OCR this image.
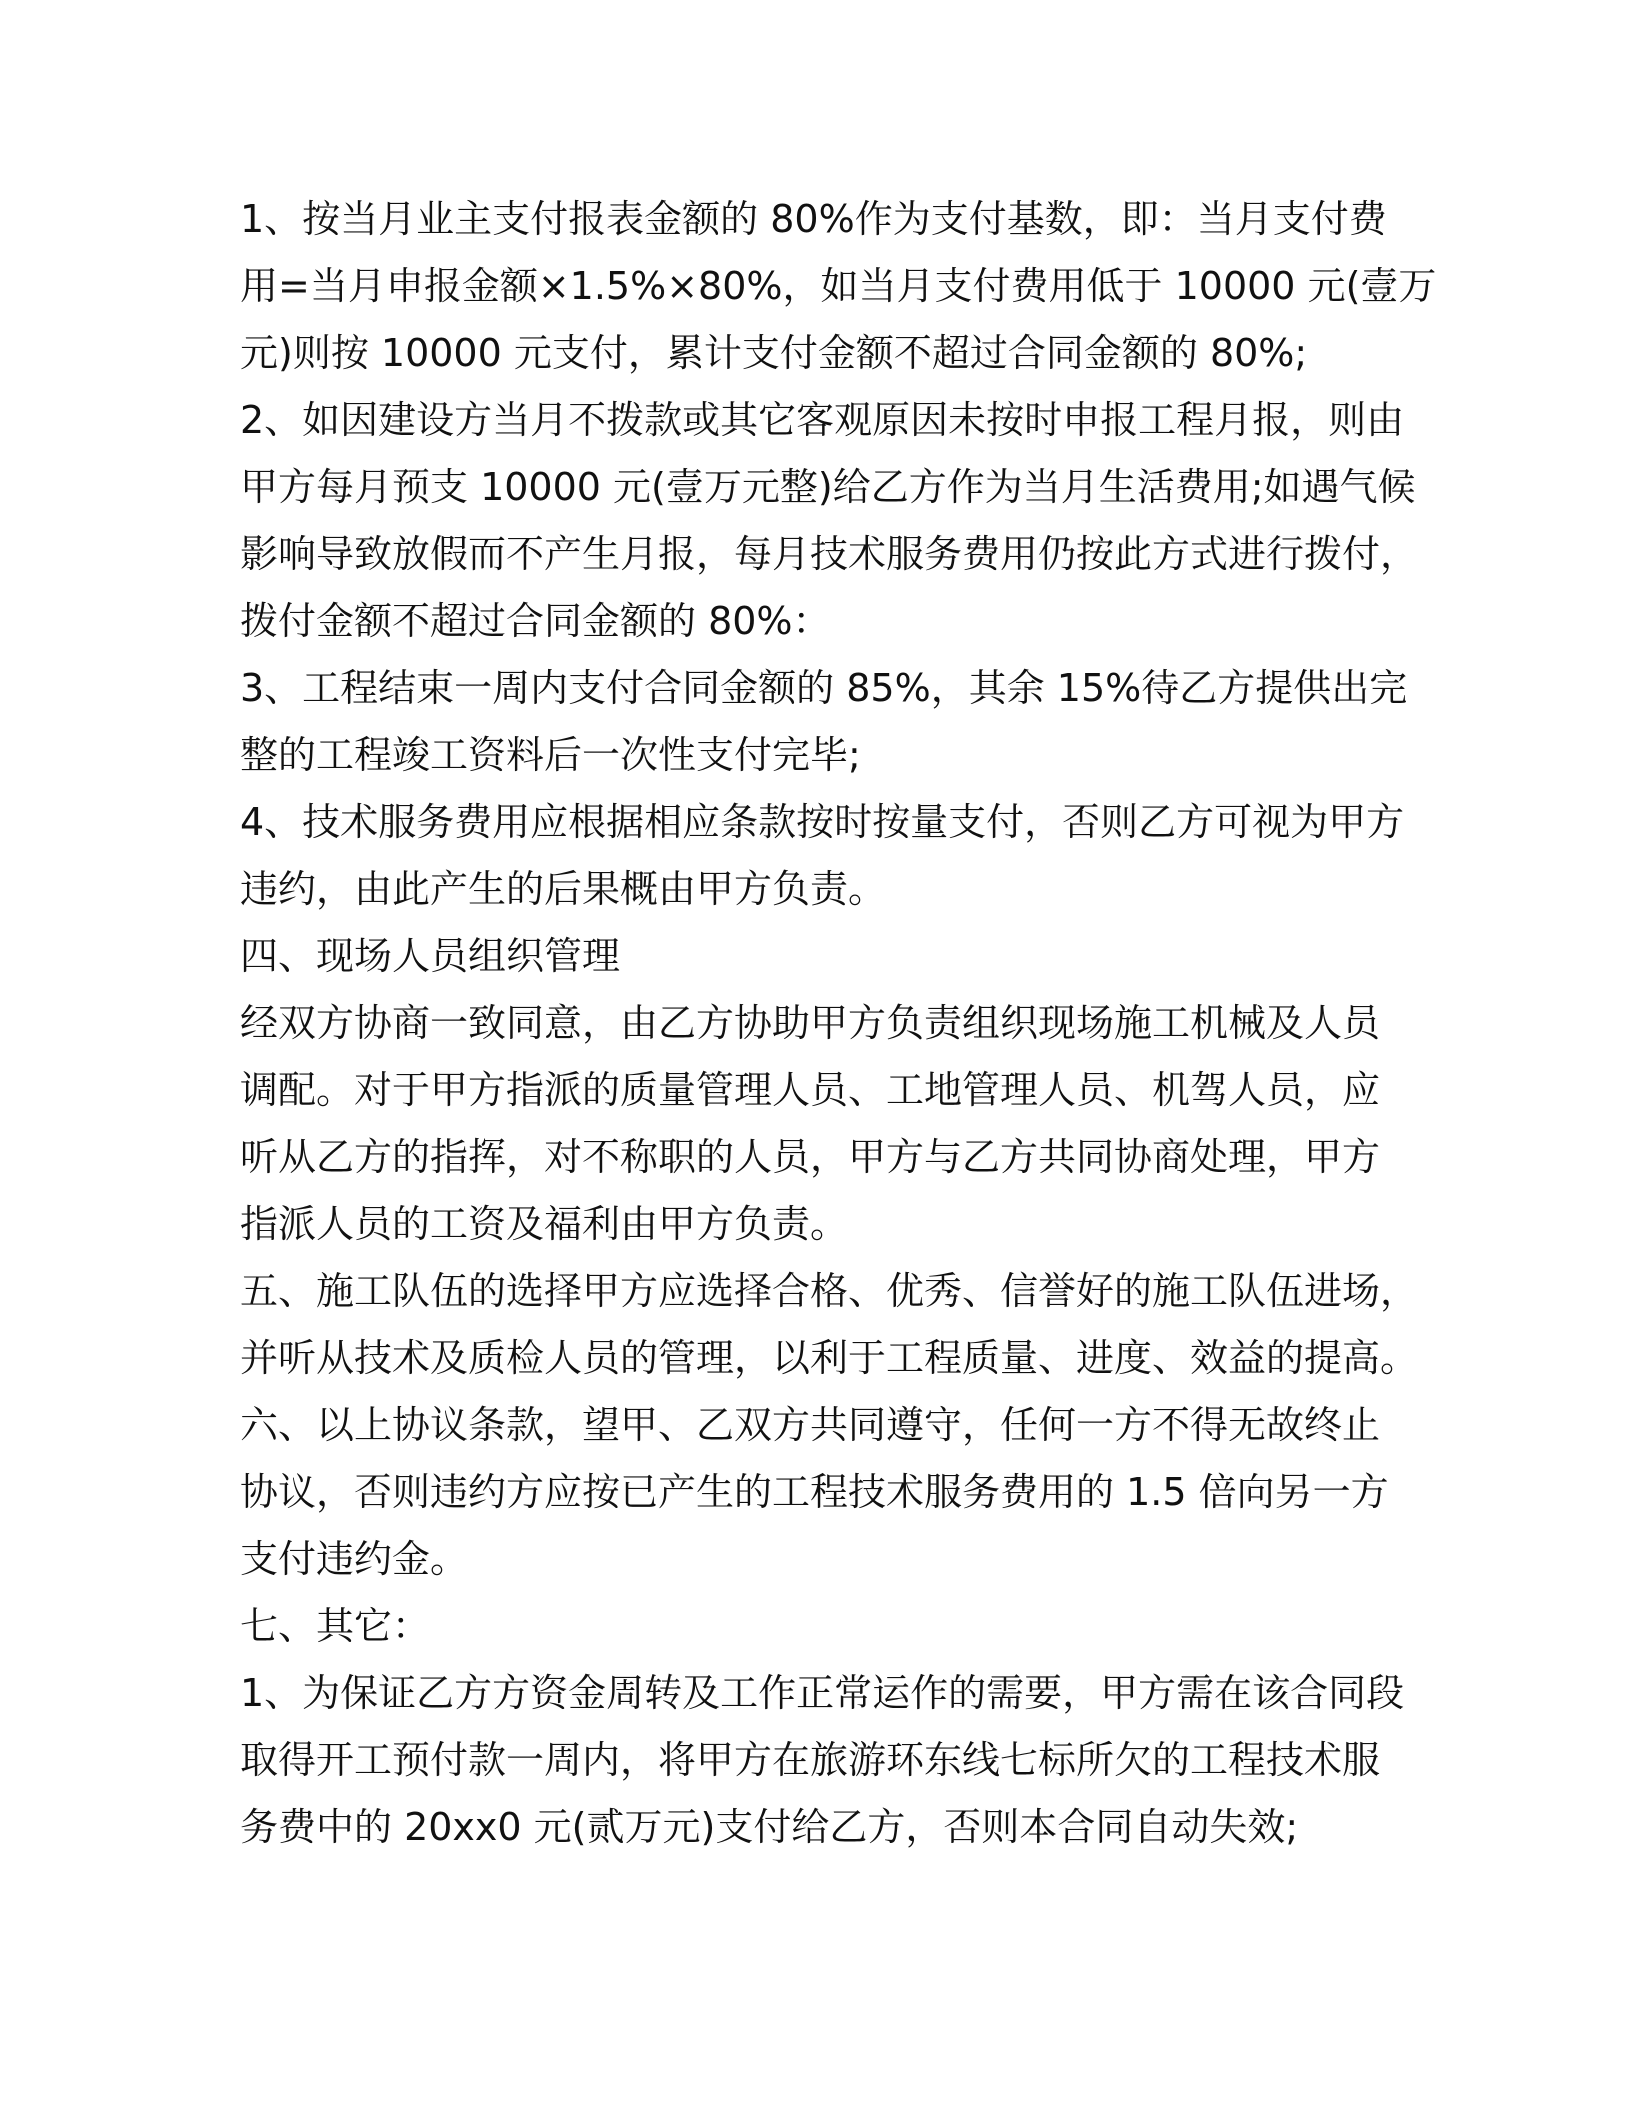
1、按当月业主支付报表金额的 80%作为支付基数，即：当月支付费

用=当月申报金额×1.5%×80%，如当月支付费用低于 10000 元(壹万

元)则按 10000 元支付，累计支付金额不超过合同金额的 80%;

2、如因建设方当月不拨款或其它客观原因未按时申报工程月报，则由

甲方每月预支 10000 元(壹万元整)给乙方作为当月生活费用;如遇气候

影响导致放假而不产生月报，每月技术服务费用仍按此方式进行拨付，

拨付金额不超过合同金额的 80%：

3、工程结束一周内支付合同金额的 85%，其余 15%待乙方提供出完

整的工程竣工资料后一次性支付完毕;

4、技术服务费用应根据相应条款按时按量支付，否则乙方可视为甲方

违约，由此产生的后果概由甲方负责。

四、现场人员组织管理

经双方协商一致同意，由乙方协助甲方负责组织现场施工机械及人员

调配。对于甲方指派的质量管理人员、工地管理人员、机驾人员，应

听从乙方的指挥，对不称职的人员，甲方与乙方共同协商处理，甲方

指派人员的工资及福利由甲方负责。

五、施工队伍的选择甲方应选择合格、优秀、信誉好的施工队伍进场，

并听从技术及质检人员的管理，以利于工程质量、进度、效益的提高。

六、以上协议条款，望甲、乙双方共同遵守，任何一方不得无故终止

协议，否则违约方应按已产生的工程技术服务费用的 1.5 倍向另一方

支付违约金。

七、其它：

1、为保证乙方方资金周转及工作正常运作的需要，甲方需在该合同段

取得开工预付款一周内，将甲方在旅游环东线七标所欠的工程技术服

务费中的 20xx0 元(贰万元)支付给乙方，否则本合同自动失效;
